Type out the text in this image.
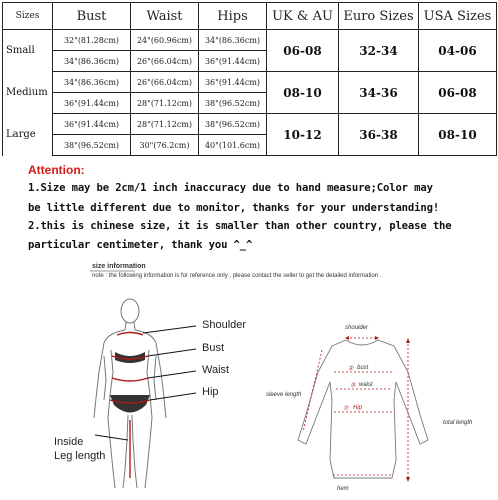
Sizes	Bust	Waist	Hips	UK & AU	Euro Sizes	USA Sizes
Small	32"(81.28cm)	24"(60.96cm)	34"(86.36cm)	06-08	32-34	04-06
	34"(86.36cm)	26"(66.04cm)	36"(91.44cm)			
Medium	34"(86.36cm)	26"(66.04cm)	36"(91.44cm)	08-10	34-36	06-08
	36"(91.44cm)	28"(71.12cm)	38"(96.52cm)			
Large	36"(91.44cm)	28"(71.12cm)	38"(96.52cm)	10-12	36-38	08-10
	38"(96.52cm)	30"(76.2cm)	40"(101.6cm)			
Attention:
1.Size may be 2cm/1 inch inaccuracy due to hand measure;Color may
be little different due to monitor, thanks for your understanding!
2.this is chinese size, it is smaller than other country, please the
particular centimeter, thank you ^_^
size information
note : the following information is for reference only , please contact the seller to get the detailed information .
Shoulder
Bust
Waist
Hip
Inside
Leg length
shoulder
bust
②
waist
③
sleeve length
⑦ Hip
total length
hem
